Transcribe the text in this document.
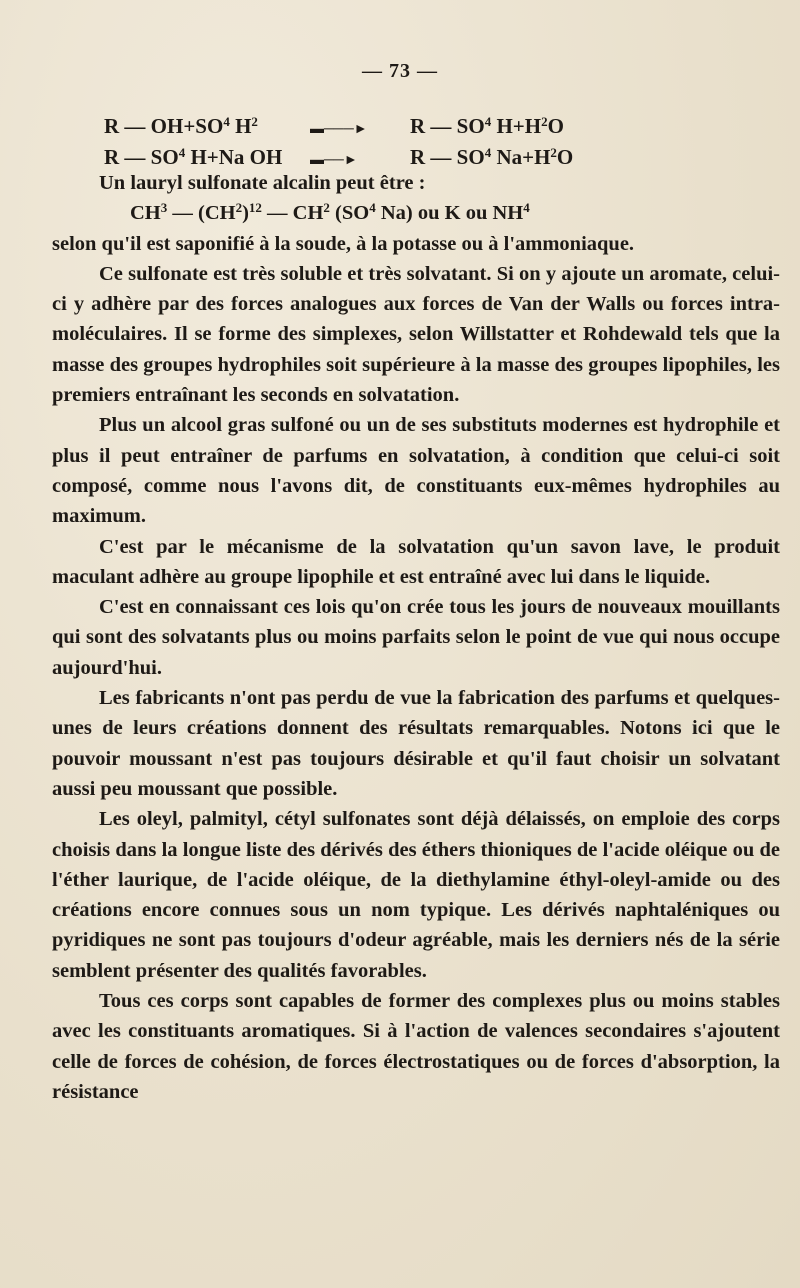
— 73 —
R — $OH+SO^4$ $H^2▬───►$ R — $SO^4$ $H+H^2O$
R — $SO^4$ H+Na OH ▬──► R — $SO^4$ $Na+H^2O$

Un lauryl sulfonate alcalin peut être :

$CH^3$ — $(CH^2)^{12}$ — $CH^2$ ($SO^4$ Na) ou K ou $NH^4$

selon qu'il est saponifié à la soude, à la potasse ou à l'ammoniaque.

Ce sulfonate est très soluble et très solvatant. Si on y ajoute un aromate, celui-ci y adhère par des forces analogues aux forces de Van der Walls ou forces intra-moléculaires. Il se forme des simplexes, selon Willstatter et Rohdewald tels que la masse des groupes hydrophiles soit supérieure à la masse des groupes lipophiles, les premiers entraînant les seconds en solvatation.

Plus un alcool gras sulfoné ou un de ses substituts modernes est hydrophile et plus il peut entraîner de parfums en solvatation, à condition que celui-ci soit composé, comme nous l'avons dit, de constituants eux-mêmes hydrophiles au maximum.

C'est par le mécanisme de la solvatation qu'un savon lave, le produit maculant adhère au groupe lipophile et est entraîné avec lui dans le liquide.

C'est en connaissant ces lois qu'on crée tous les jours de nouveaux mouillants qui sont des solvatants plus ou moins parfaits selon le point de vue qui nous occupe aujourd'hui.

Les fabricants n'ont pas perdu de vue la fabrication des parfums et quelques-unes de leurs créations donnent des résultats remarquables. Notons ici que le pouvoir moussant n'est pas toujours désirable et qu'il faut choisir un solvatant aussi peu moussant que possible.

Les oleyl, palmityl, cétyl sulfonates sont déjà délaissés, on emploie des corps choisis dans la longue liste des dérivés des éthers thioniques de l'acide oléique ou de l'éther laurique, de l'acide oléique, de la diethylamine éthyl-oleyl-amide ou des créations encore connues sous un nom typique. Les dérivés naphtaléniques ou pyridiques ne sont pas toujours d'odeur agréable, mais les derniers nés de la série semblent présenter des qualités favorables.

Tous ces corps sont capables de former des complexes plus ou moins stables avec les constituants aromatiques. Si à l'action de valences secondaires s'ajoutent celle de forces de cohésion, de forces électrostatiques ou de forces d'absorption, la résistance
